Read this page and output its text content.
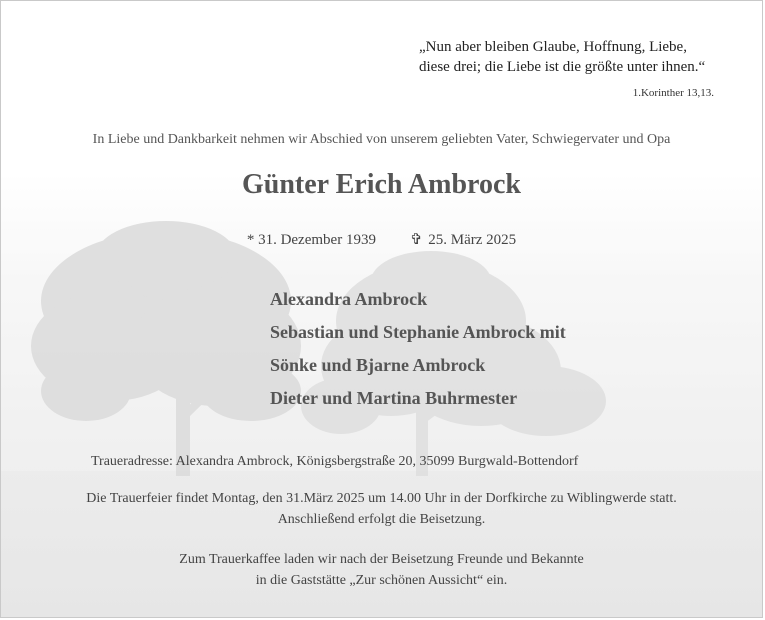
„Nun aber bleiben Glaube, Hoffnung, Liebe,
diese drei; die Liebe ist die größte unter ihnen.“
1.Korinther 13,13.
In Liebe und Dankbarkeit nehmen wir Abschied von unserem geliebten Vater, Schwiegervater und Opa
Günter Erich Ambrock
* 31. Dezember 1939 ✞ 25. März 2025
Alexandra Ambrock
Sebastian und Stephanie Ambrock mit
Sönke und Bjarne Ambrock
Dieter und Martina Buhrmester
Traueradresse: Alexandra Ambrock, Königsbergstraße 20, 35099 Burgwald-Bottendorf
Die Trauerfeier findet Montag, den 31.März 2025 um 14.00 Uhr in der Dorfkirche zu Wiblingwerde statt.
Anschließend erfolgt die Beisetzung.
Zum Trauerkaffee laden wir nach der Beisetzung Freunde und Bekannte
in die Gaststätte „Zur schönen Aussicht“ ein.
